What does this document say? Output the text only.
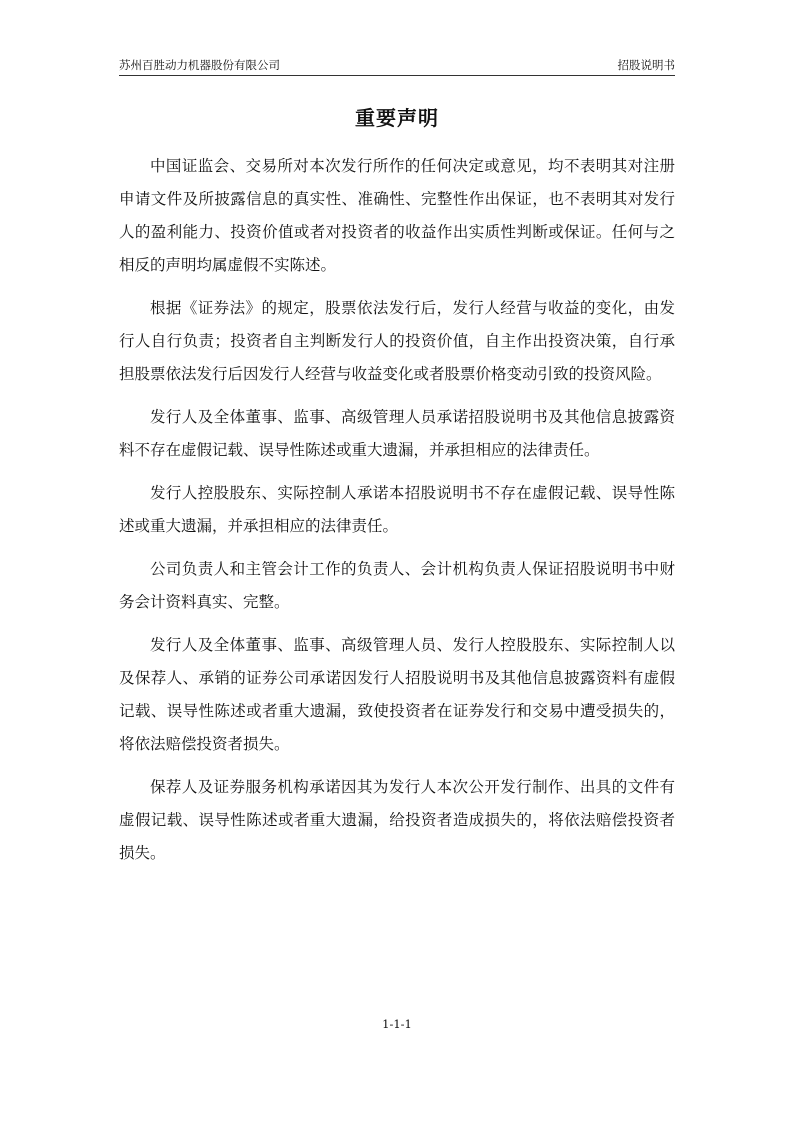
苏州百胜动力机器股份有限公司	招股说明书
重要声明

中国证监会、交易所对本次发行所作的任何决定或意见，均不表明其对注册申请文件及所披露信息的真实性、准确性、完整性作出保证，也不表明其对发行人的盈利能力、投资价值或者对投资者的收益作出实质性判断或保证。任何与之相反的声明均属虚假不实陈述。

根据《证券法》的规定，股票依法发行后，发行人经营与收益的变化，由发行人自行负责；投资者自主判断发行人的投资价值，自主作出投资决策，自行承担股票依法发行后因发行人经营与收益变化或者股票价格变动引致的投资风险。

发行人及全体董事、监事、高级管理人员承诺招股说明书及其他信息披露资料不存在虚假记载、误导性陈述或重大遗漏，并承担相应的法律责任。

发行人控股股东、实际控制人承诺本招股说明书不存在虚假记载、误导性陈述或重大遗漏，并承担相应的法律责任。

公司负责人和主管会计工作的负责人、会计机构负责人保证招股说明书中财务会计资料真实、完整。

发行人及全体董事、监事、高级管理人员、发行人控股股东、实际控制人以及保荐人、承销的证券公司承诺因发行人招股说明书及其他信息披露资料有虚假记载、误导性陈述或者重大遗漏，致使投资者在证券发行和交易中遭受损失的，将依法赔偿投资者损失。

保荐人及证券服务机构承诺因其为发行人本次公开发行制作、出具的文件有虚假记载、误导性陈述或者重大遗漏，给投资者造成损失的，将依法赔偿投资者损失。

1-1-1
